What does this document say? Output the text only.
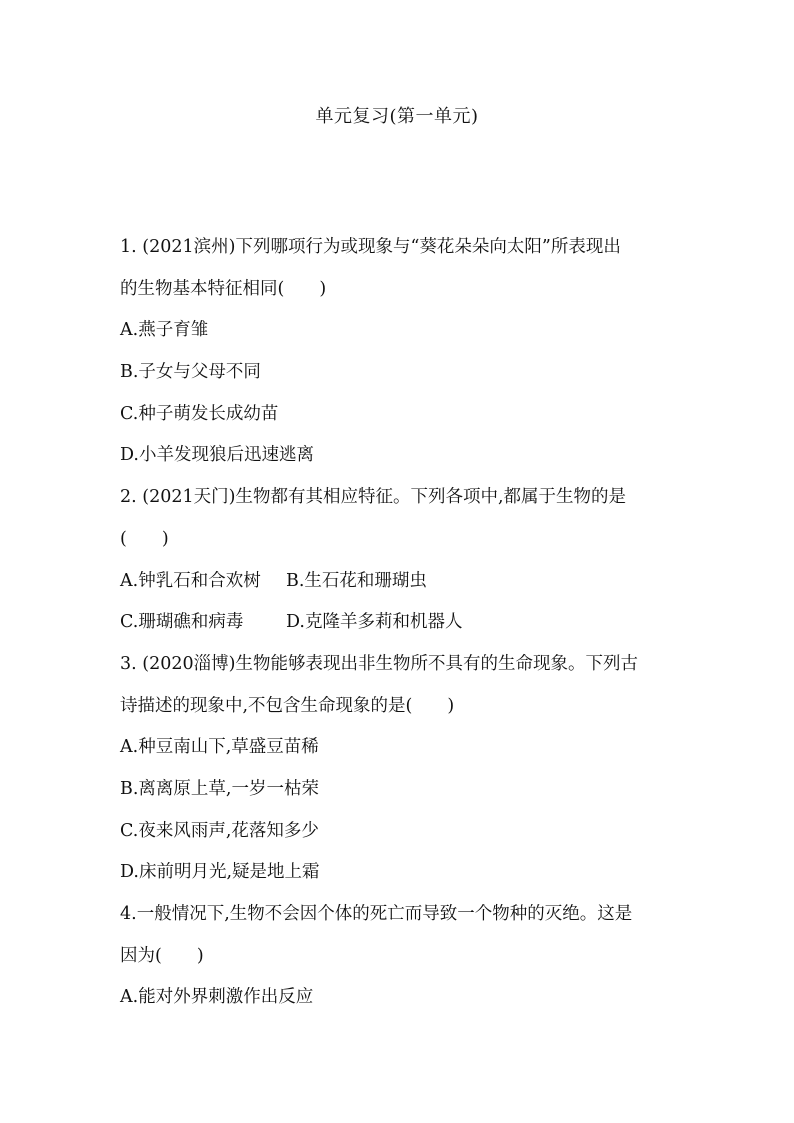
单元复习(第一单元)
1. (2021滨州)下列哪项行为或现象与“葵花朵朵向太阳”所表现出
的生物基本特征相同(　　)
A.燕子育雏
B.子女与父母不同
C.种子萌发长成幼苗
D.小羊发现狼后迅速逃离
2. (2021天门)生物都有其相应特征。下列各项中,都属于生物的是
(　　)
A.钟乳石和合欢树	B.生石花和珊瑚虫
C.珊瑚礁和病毒	D.克隆羊多莉和机器人
3. (2020淄博)生物能够表现出非生物所不具有的生命现象。下列古
诗描述的现象中,不包含生命现象的是(　　)
A.种豆南山下,草盛豆苗稀
B.离离原上草,一岁一枯荣
C.夜来风雨声,花落知多少
D.床前明月光,疑是地上霜
4.一般情况下,生物不会因个体的死亡而导致一个物种的灭绝。这是
因为(　　)
A.能对外界刺激作出反应
